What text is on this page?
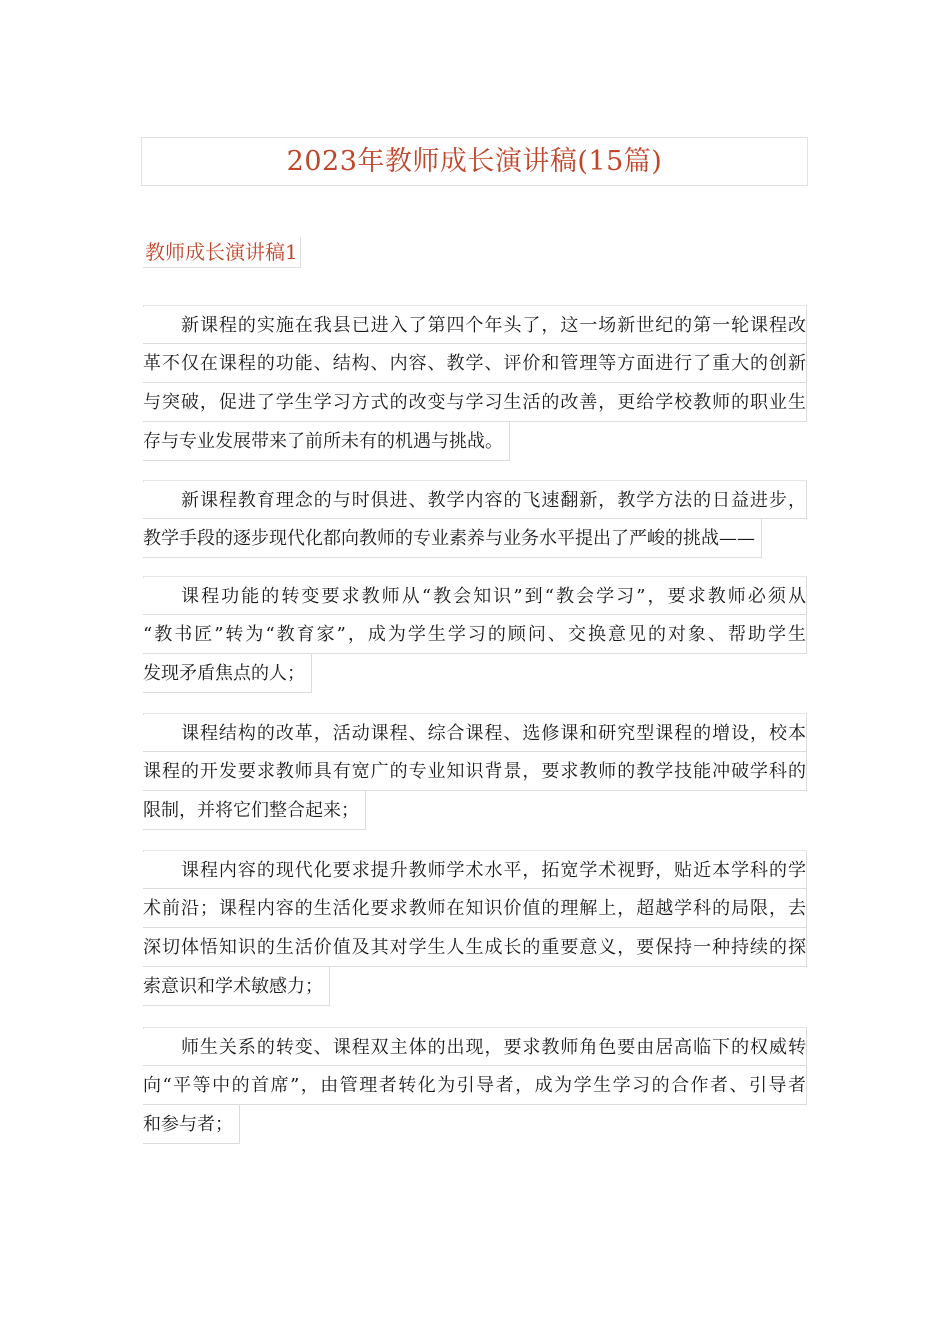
2023年教师成长演讲稿(15篇)
教师成长演讲稿1
新课程的实施在我县已进入了第四个年头了，这一场新世纪的第一轮课程改
革不仅在课程的功能、结构、内容、教学、评价和管理等方面进行了重大的创新
与突破，促进了学生学习方式的改变与学习生活的改善，更给学校教师的职业生
存与专业发展带来了前所未有的机遇与挑战。
新课程教育理念的与时俱进、教学内容的飞速翻新，教学方法的日益进步，
教学手段的逐步现代化都向教师的专业素养与业务水平提出了严峻的挑战——
课程功能的转变要求教师从“教会知识”到“教会学习”，要求教师必须从
“教书匠”转为“教育家”，成为学生学习的顾问、交换意见的对象、帮助学生
发现矛盾焦点的人；
课程结构的改革，活动课程、综合课程、选修课和研究型课程的增设，校本
课程的开发要求教师具有宽广的专业知识背景，要求教师的教学技能冲破学科的
限制，并将它们整合起来；
课程内容的现代化要求提升教师学术水平，拓宽学术视野，贴近本学科的学
术前沿；课程内容的生活化要求教师在知识价值的理解上，超越学科的局限，去
深切体悟知识的生活价值及其对学生人生成长的重要意义，要保持一种持续的探
索意识和学术敏感力；
师生关系的转变、课程双主体的出现，要求教师角色要由居高临下的权威转
向“平等中的首席”，由管理者转化为引导者，成为学生学习的合作者、引导者
和参与者；
